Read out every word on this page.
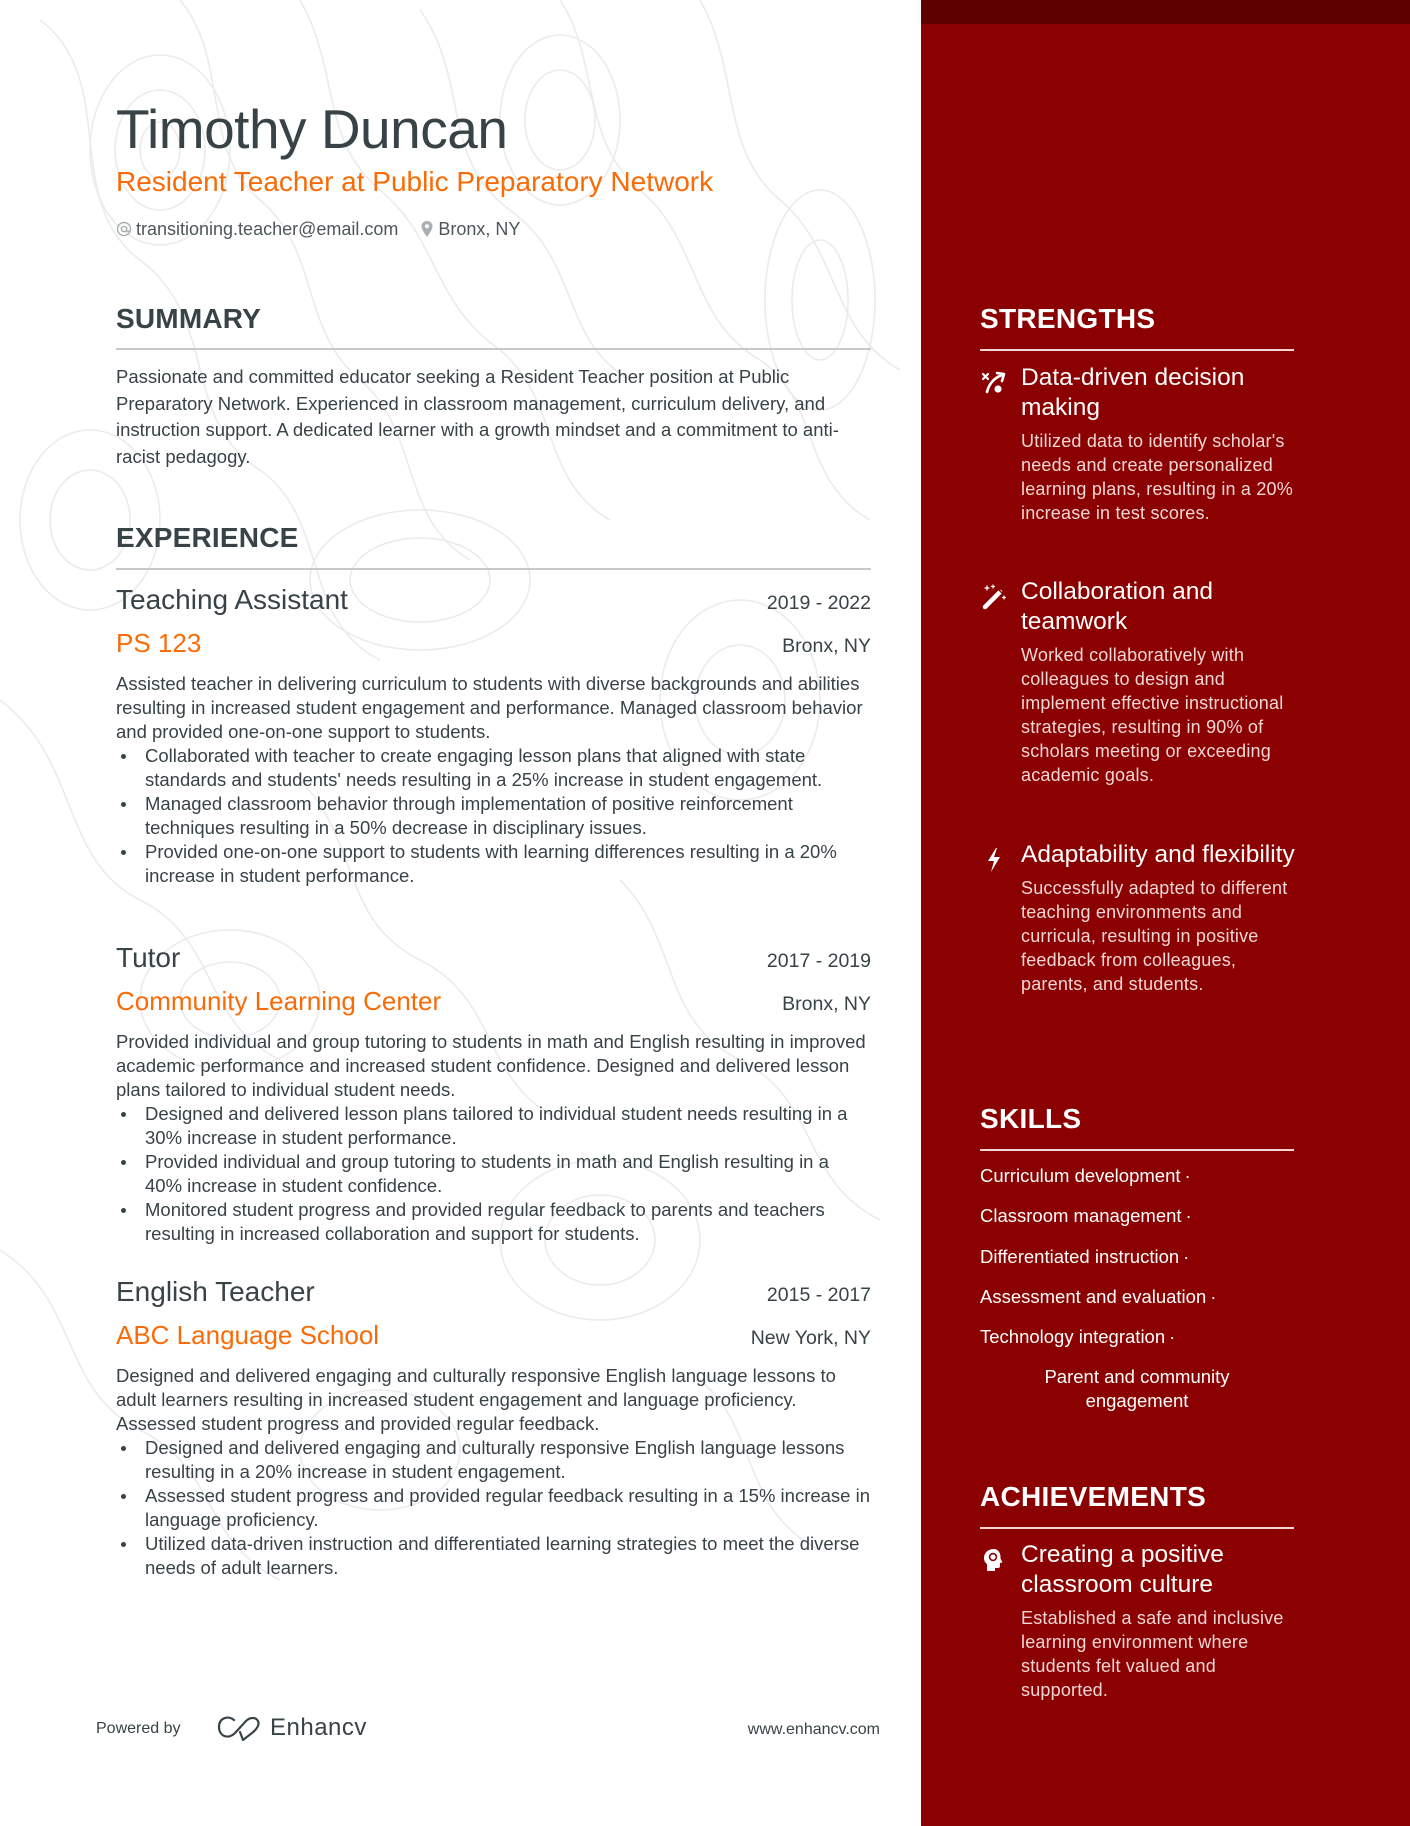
Timothy Duncan
Resident Teacher at Public Preparatory Network
transitioning.teacher@email.com Bronx, NY
SUMMARY

Passionate and committed educator seeking a Resident Teacher position at Public Preparatory Network. Experienced in classroom management, curriculum delivery, and instruction support. A dedicated learner with a growth mindset and a commitment to anti-racist pedagogy.

EXPERIENCE
Teaching Assistant	2019 - 2022
PS 123	Bronx, NY

Assisted teacher in delivering curriculum to students with diverse backgrounds and abilities resulting in increased student engagement and performance. Managed classroom behavior and provided one-on-one support to students.

Collaborated with teacher to create engaging lesson plans that aligned with state standards and students' needs resulting in a 25% increase in student engagement.
Managed classroom behavior through implementation of positive reinforcement techniques resulting in a 50% decrease in disciplinary issues.
Provided one-on-one support to students with learning differences resulting in a 20% increase in student performance.
Tutor	2017 - 2019
Community Learning Center	Bronx, NY

Provided individual and group tutoring to students in math and English resulting in improved academic performance and increased student confidence. Designed and delivered lesson plans tailored to individual student needs.

Designed and delivered lesson plans tailored to individual student needs resulting in a 30% increase in student performance.
Provided individual and group tutoring to students in math and English resulting in a 40% increase in student confidence.
Monitored student progress and provided regular feedback to parents and teachers resulting in increased collaboration and support for students.
English Teacher	2015 - 2017
ABC Language School	New York, NY

Designed and delivered engaging and culturally responsive English language lessons to adult learners resulting in increased student engagement and language proficiency. Assessed student progress and provided regular feedback.

Designed and delivered engaging and culturally responsive English language lessons resulting in a 20% increase in student engagement.
Assessed student progress and provided regular feedback resulting in a 15% increase in language proficiency.
Utilized data-driven instruction and differentiated learning strategies to meet the diverse needs of adult learners.
Powered by	Enhancv	www.enhancv.com
STRENGTHS
Data-driven decision making
Utilized data to identify scholar's needs and create personalized learning plans, resulting in a 20% increase in test scores.
Collaboration and teamwork
Worked collaboratively with colleagues to design and implement effective instructional strategies, resulting in 90% of scholars meeting or exceeding academic goals.
Adaptability and flexibility
Successfully adapted to different teaching environments and curricula, resulting in positive feedback from colleagues, parents, and students.
SKILLS
Curriculum development ·
Classroom management ·
Differentiated instruction ·
Assessment and evaluation ·
Technology integration ·
Parent and community engagement
ACHIEVEMENTS
Creating a positive classroom culture
Established a safe and inclusive learning environment where students felt valued and supported.
